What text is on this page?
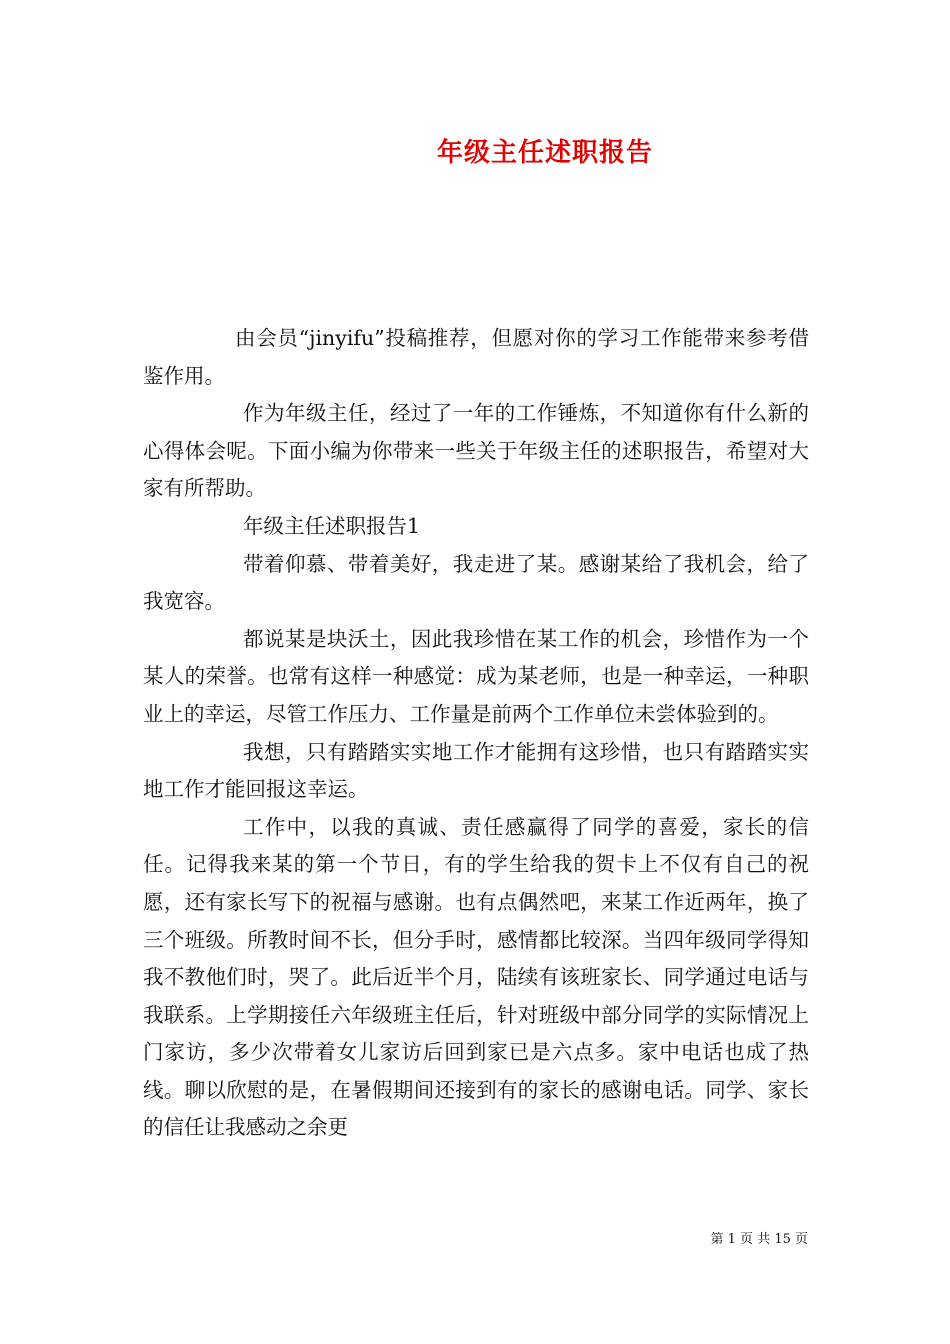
年级主任述职报告

由会员“jinyifu”投稿推荐，但愿对你的学习工作能带来参考借鉴作用。

作为年级主任，经过了一年的工作锤炼，不知道你有什么新的心得体会呢。下面小编为你带来一些关于年级主任的述职报告，希望对大家有所帮助。

年级主任述职报告1

带着仰慕、带着美好，我走进了某。感谢某给了我机会，给了我宽容。

都说某是块沃土，因此我珍惜在某工作的机会，珍惜作为一个某人的荣誉。也常有这样一种感觉：成为某老师，也是一种幸运，一种职业上的幸运，尽管工作压力、工作量是前两个工作单位未尝体验到的。

我想，只有踏踏实实地工作才能拥有这珍惜，也只有踏踏实实地工作才能回报这幸运。

工作中，以我的真诚、责任感赢得了同学的喜爱，家长的信任。记得我来某的第一个节日，有的学生给我的贺卡上不仅有自己的祝愿，还有家长写下的祝福与感谢。也有点偶然吧，来某工作近两年，换了三个班级。所教时间不长，但分手时，感情都比较深。当四年级同学得知我不教他们时，哭了。此后近半个月，陆续有该班家长、同学通过电话与我联系。上学期接任六年级班主任后，针对班级中部分同学的实际情况上门家访，多少次带着女儿家访后回到家已是六点多。家中电话也成了热线。聊以欣慰的是，在暑假期间还接到有的家长的感谢电话。同学、家长的信任让我感动之余更

第 1 页 共 15 页
